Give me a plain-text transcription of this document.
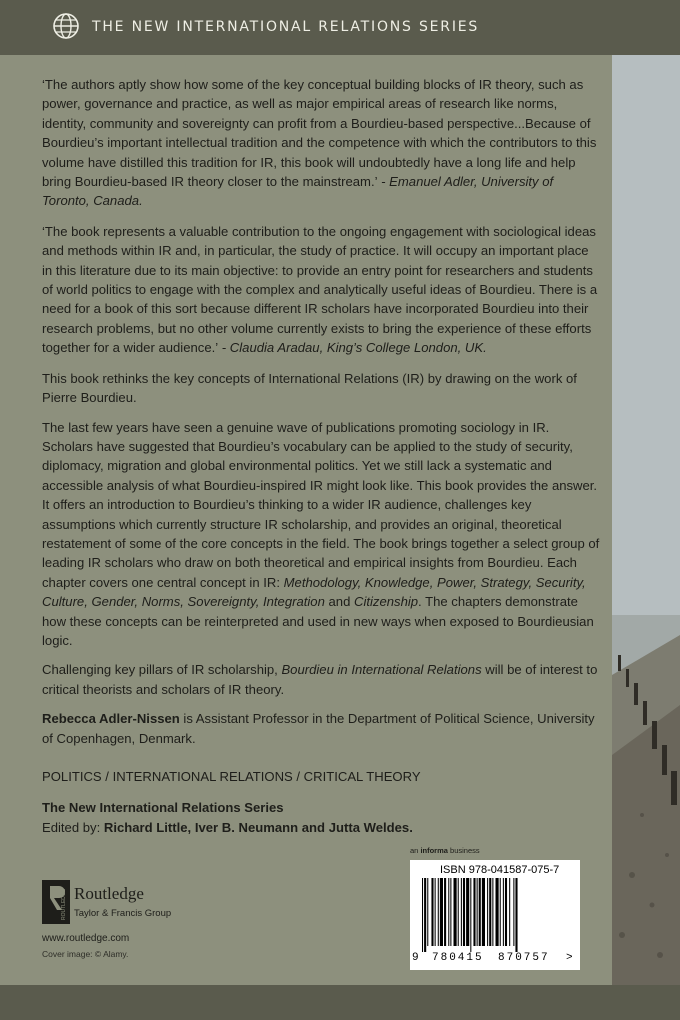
THE NEW INTERNATIONAL RELATIONS SERIES

‘The authors aptly show how some of the key conceptual building blocks of IR theory, such as power, governance and practice, as well as major empirical areas of research like norms, identity, community and sovereignty can profit from a Bourdieu-based perspective...Because of Bourdieu’s important intellectual tradition and the competence with which the contributors to this volume have distilled this tradition for IR, this book will undoubtedly have a long life and help bring Bourdieu-based IR theory closer to the mainstream.’ - Emanuel Adler, University of Toronto, Canada.

‘The book represents a valuable contribution to the ongoing engagement with sociological ideas and methods within IR and, in particular, the study of practice. It will occupy an important place in this literature due to its main objective: to provide an entry point for researchers and students of world politics to engage with the complex and analytically useful ideas of Bourdieu. There is a need for a book of this sort because different IR scholars have incorporated Bourdieu into their research problems, but no other volume currently exists to bring the experience of these efforts together for a wider audience.’ - Claudia Aradau, King’s College London, UK.

This book rethinks the key concepts of International Relations (IR) by drawing on the work of Pierre Bourdieu.

The last few years have seen a genuine wave of publications promoting sociology in IR. Scholars have suggested that Bourdieu’s vocabulary can be applied to the study of security, diplomacy, migration and global environmental politics. Yet we still lack a systematic and accessible analysis of what Bourdieu-inspired IR might look like. This book provides the answer. It offers an introduction to Bourdieu’s thinking to a wider IR audience, challenges key assumptions which currently structure IR scholarship, and provides an original, theoretical restatement of some of the core concepts in the field. The book brings together a select group of leading IR scholars who draw on both theoretical and empirical insights from Bourdieu. Each chapter covers one central concept in IR: Methodology, Knowledge, Power, Strategy, Security, Culture, Gender, Norms, Sovereignty, Integration and Citizenship. The chapters demonstrate how these concepts can be reinterpreted and used in new ways when exposed to Bourdieusian logic.

Challenging key pillars of IR scholarship, Bourdieu in International Relations will be of interest to critical theorists and scholars of IR theory.

Rebecca Adler-Nissen is Assistant Professor in the Department of Political Science, University of Copenhagen, Denmark.

POLITICS / INTERNATIONAL RELATIONS / CRITICAL THEORY

The New International Relations Series

Edited by: Richard Little, Iver B. Neumann and Jutta Weldes.

an informa business
ISBN 978-041587-075-7
9 780415 870757 >
ROUTLEDGE Routledge
Taylor & Francis Group
www.routledge.com
Cover image: © Alamy.
